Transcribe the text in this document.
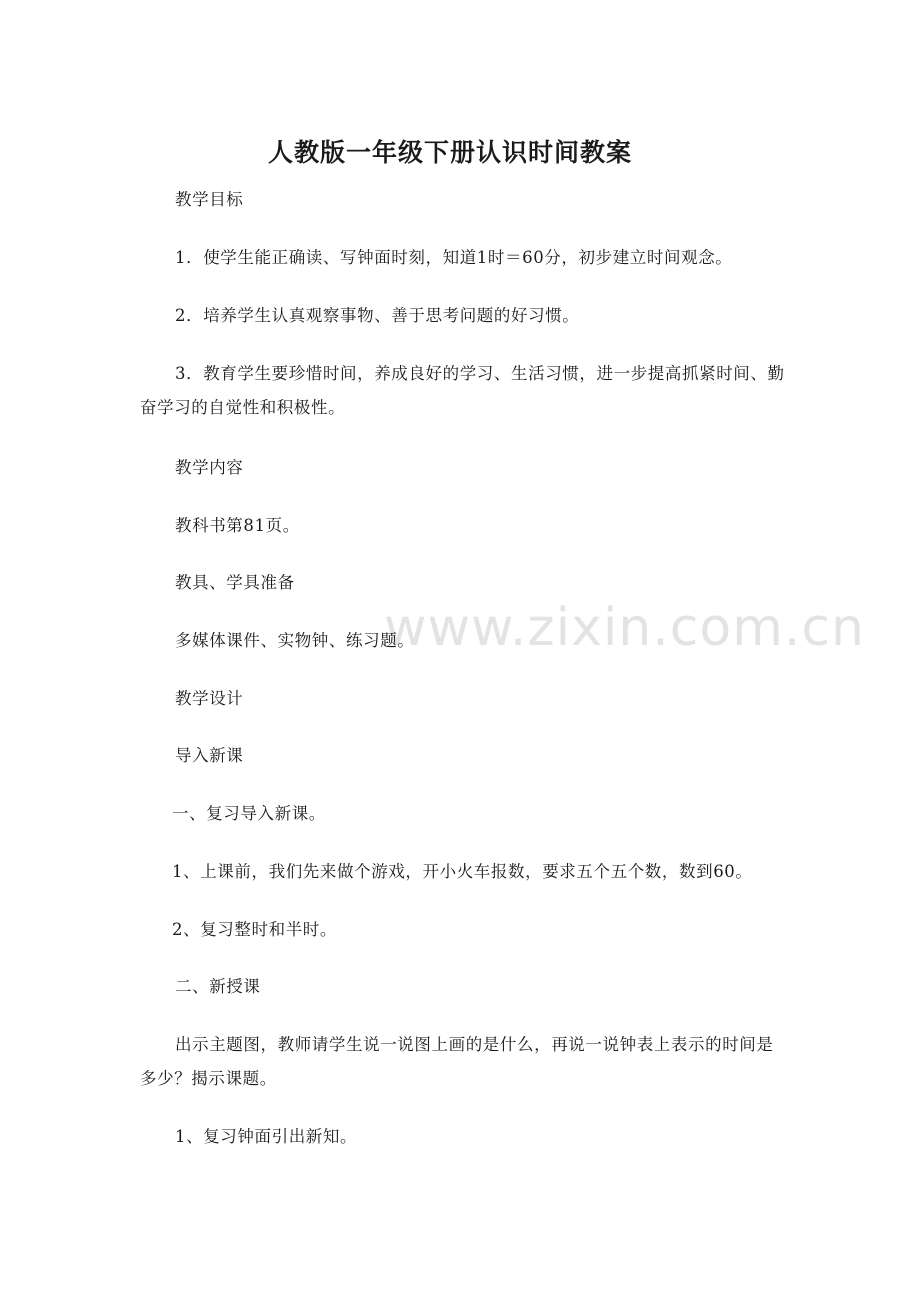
www.zixin.com.cn
人教版一年级下册认识时间教案

教学目标

1．使学生能正确读、写钟面时刻，知道1时＝60分，初步建立时间观念。

2．培养学生认真观察事物、善于思考问题的好习惯。

3．教育学生要珍惜时间，养成良好的学习、生活习惯，进一步提高抓紧时间、勤奋学习的自觉性和积极性。

教学内容

教科书第81页。

教具、学具准备

多媒体课件、实物钟、练习题。

教学设计

导入新课

一、复习导入新课。

1、上课前，我们先来做个游戏，开小火车报数，要求五个五个数，数到60。

2、复习整时和半时。

二、新授课

出示主题图，教师请学生说一说图上画的是什么，再说一说钟表上表示的时间是多少？揭示课题。

1、复习钟面引出新知。
